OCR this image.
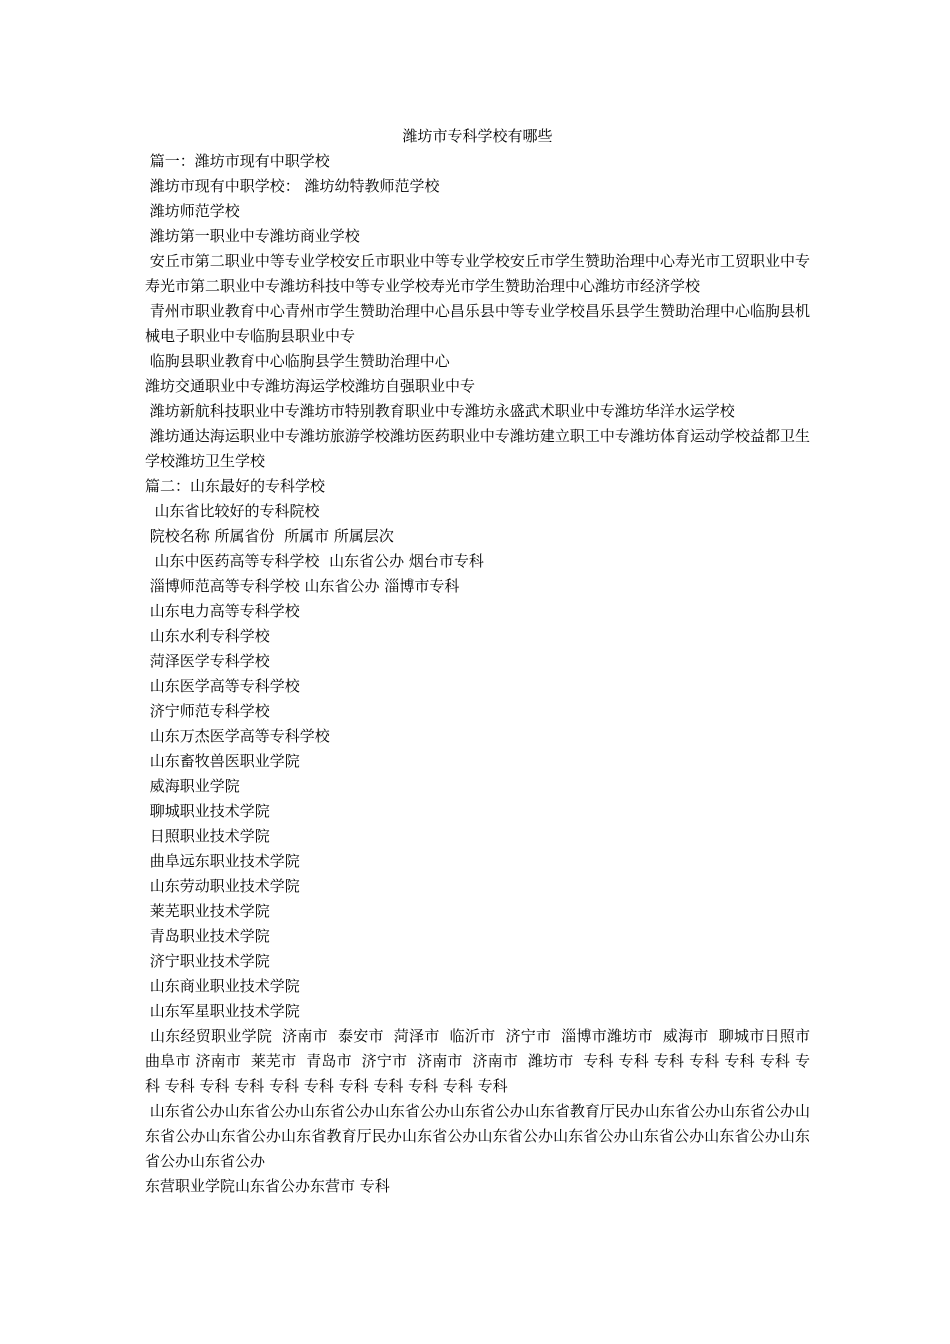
潍坊市专科学校有哪些

篇一：潍坊市现有中职学校

潍坊市现有中职学校： 潍坊幼特教师范学校

潍坊师范学校

潍坊第一职业中专潍坊商业学校

安丘市第二职业中等专业学校安丘市职业中等专业学校安丘市学生赞助治理中心寿光市工贸职业中专寿光市第二职业中专潍坊科技中等专业学校寿光市学生赞助治理中心潍坊市经济学校

青州市职业教育中心青州市学生赞助治理中心昌乐县中等专业学校昌乐县学生赞助治理中心临朐县机械电子职业中专临朐县职业中专

临朐县职业教育中心临朐县学生赞助治理中心

潍坊交通职业中专潍坊海运学校潍坊自强职业中专

潍坊新航科技职业中专潍坊市特别教育职业中专潍坊永盛武术职业中专潍坊华洋水运学校

潍坊通达海运职业中专潍坊旅游学校潍坊医药职业中专潍坊建立职工中专潍坊体育运动学校益都卫生学校潍坊卫生学校

篇二：山东最好的专科学校

山东省比较好的专科院校

院校名称 所属省份  所属市 所属层次

山东中医药高等专科学校  山东省公办 烟台市专科

淄博师范高等专科学校 山东省公办 淄博市专科

山东电力高等专科学校

山东水利专科学校

菏泽医学专科学校

山东医学高等专科学校

济宁师范专科学校

山东万杰医学高等专科学校

山东畜牧兽医职业学院

威海职业学院

聊城职业技术学院

日照职业技术学院

曲阜远东职业技术学院

山东劳动职业技术学院

莱芜职业技术学院

青岛职业技术学院

济宁职业技术学院

山东商业职业技术学院

山东军星职业技术学院

山东经贸职业学院  济南市  泰安市  菏泽市  临沂市  济宁市  淄博市潍坊市  威海市  聊城市日照市 曲阜市 济南市  莱芜市  青岛市  济宁市  济南市  济南市  潍坊市  专科 专科 专科 专科 专科 专科 专科 专科 专科 专科 专科 专科 专科 专科 专科 专科 专科

山东省公办山东省公办山东省公办山东省公办山东省公办山东省教育厅民办山东省公办山东省公办山东省公办山东省公办山东省教育厅民办山东省公办山东省公办山东省公办山东省公办山东省公办山东省公办山东省公办

东营职业学院山东省公办东营市 专科
